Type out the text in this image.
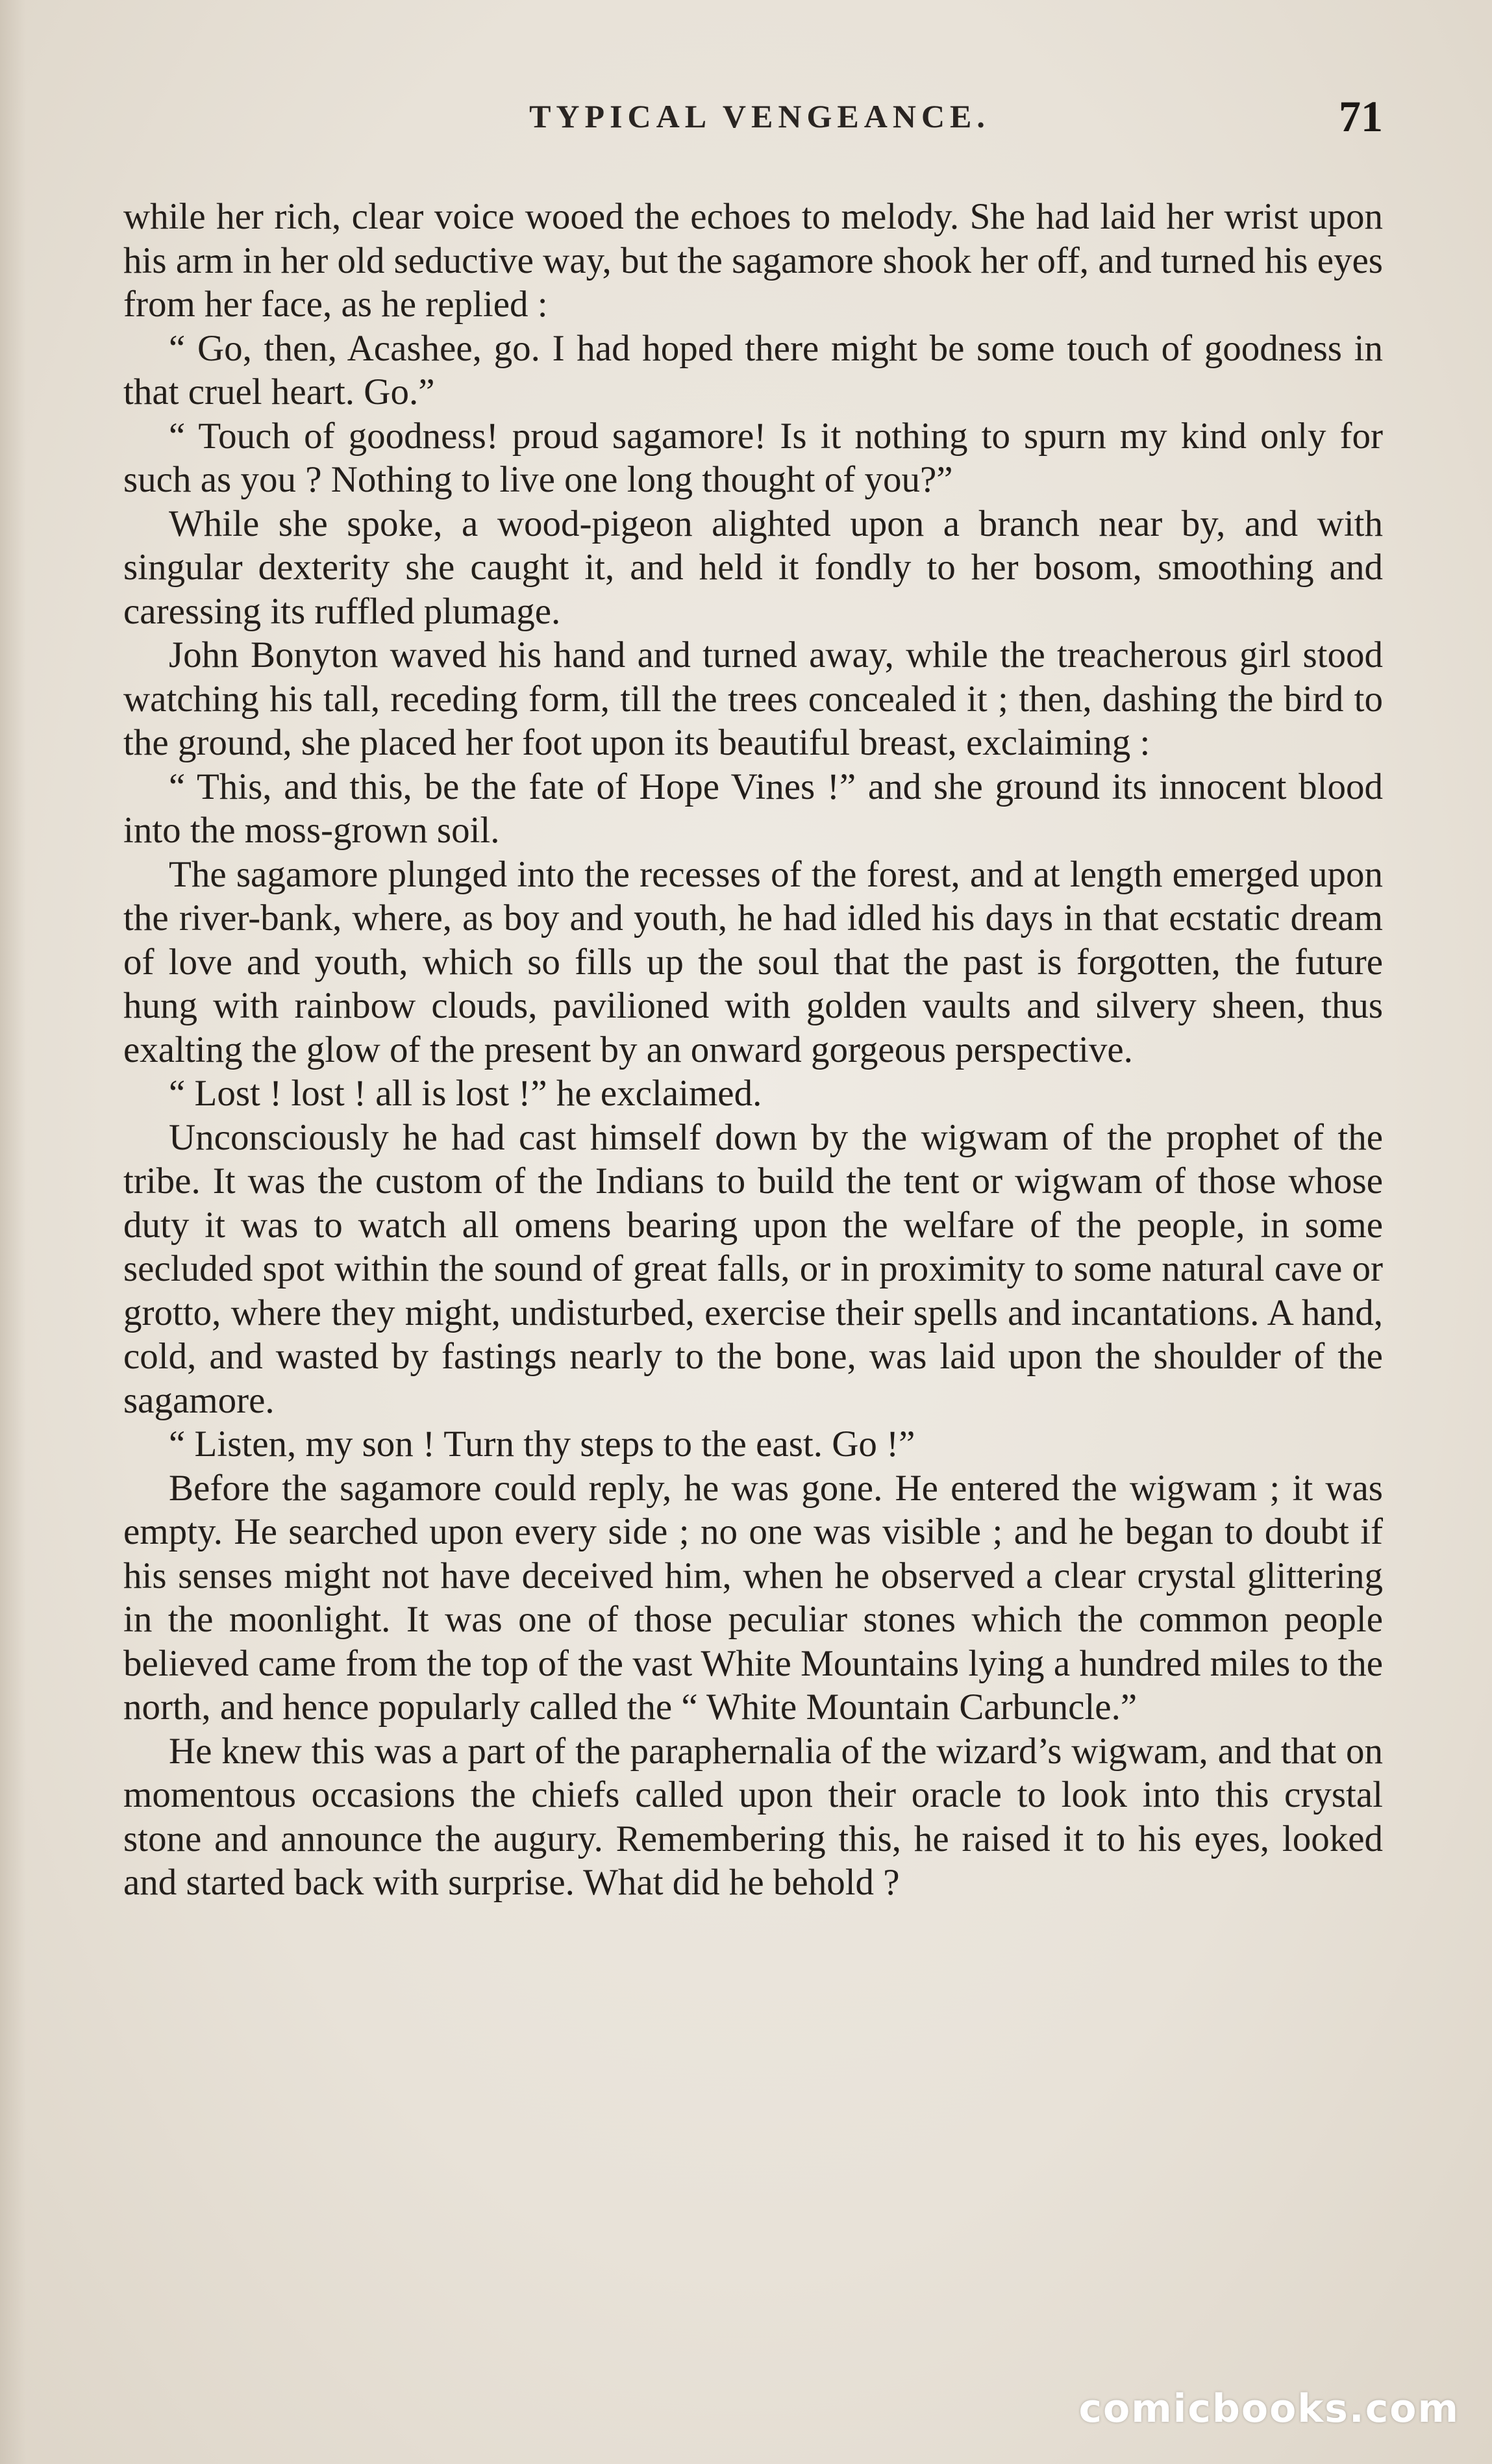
TYPICAL VENGEANCE.	71

while her rich, clear voice wooed the echoes to melody. She had laid her wrist upon his arm in her old seductive way, but the sagamore shook her off, and turned his eyes from her face, as he replied :

“ Go, then, Acashee, go. I had hoped there might be some touch of goodness in that cruel heart. Go.”

“ Touch of goodness! proud sagamore! Is it nothing to spurn my kind only for such as you ? Nothing to live one long thought of you?”

While she spoke, a wood-pigeon alighted upon a branch near by, and with singular dexterity she caught it, and held it fondly to her bosom, smoothing and caressing its ruffled plumage.

John Bonyton waved his hand and turned away, while the treacherous girl stood watching his tall, receding form, till the trees concealed it ; then, dashing the bird to the ground, she placed her foot upon its beautiful breast, exclaiming :

“ This, and this, be the fate of Hope Vines !” and she ground its innocent blood into the moss-grown soil.

The sagamore plunged into the recesses of the forest, and at length emerged upon the river-bank, where, as boy and youth, he had idled his days in that ecstatic dream of love and youth, which so fills up the soul that the past is forgotten, the future hung with rainbow clouds, pavilioned with golden vaults and silvery sheen, thus exalting the glow of the present by an onward gorgeous perspective.

“ Lost ! lost ! all is lost !” he exclaimed.

Unconsciously he had cast himself down by the wigwam of the prophet of the tribe. It was the custom of the Indians to build the tent or wigwam of those whose duty it was to watch all omens bearing upon the welfare of the people, in some secluded spot within the sound of great falls, or in proximity to some natural cave or grotto, where they might, undisturbed, exercise their spells and incantations. A hand, cold, and wasted by fastings nearly to the bone, was laid upon the shoulder of the sagamore.

“ Listen, my son ! Turn thy steps to the east. Go !”

Before the sagamore could reply, he was gone. He entered the wigwam ; it was empty. He searched upon every side ; no one was visible ; and he began to doubt if his senses might not have deceived him, when he observed a clear crystal glittering in the moonlight. It was one of those peculiar stones which the common people believed came from the top of the vast White Mountains lying a hundred miles to the north, and hence popularly called the “ White Mountain Carbuncle.”

He knew this was a part of the paraphernalia of the wizard’s wigwam, and that on momentous occasions the chiefs called upon their oracle to look into this crystal stone and announce the augury. Remembering this, he raised it to his eyes, looked and started back with surprise. What did he behold ?

comicbooks.com
